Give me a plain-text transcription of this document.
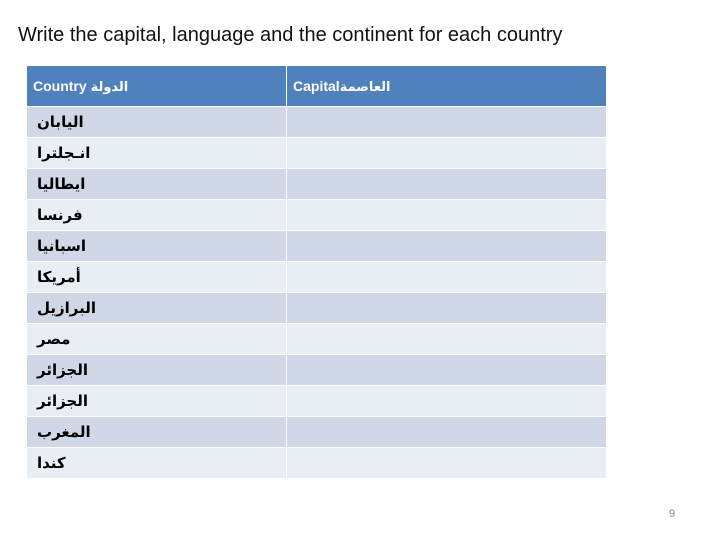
Write the capital, language and the continent for each country
Country الدولة	Capitalالعاصمة

اليابان	

انـجلترا	

ايطاليا	

فرنسا	

اسبانيا	

أمريكا	

البرازيل	

مصر	

الجزائر	

الجزائر	

المغرب	

كندا	

9
